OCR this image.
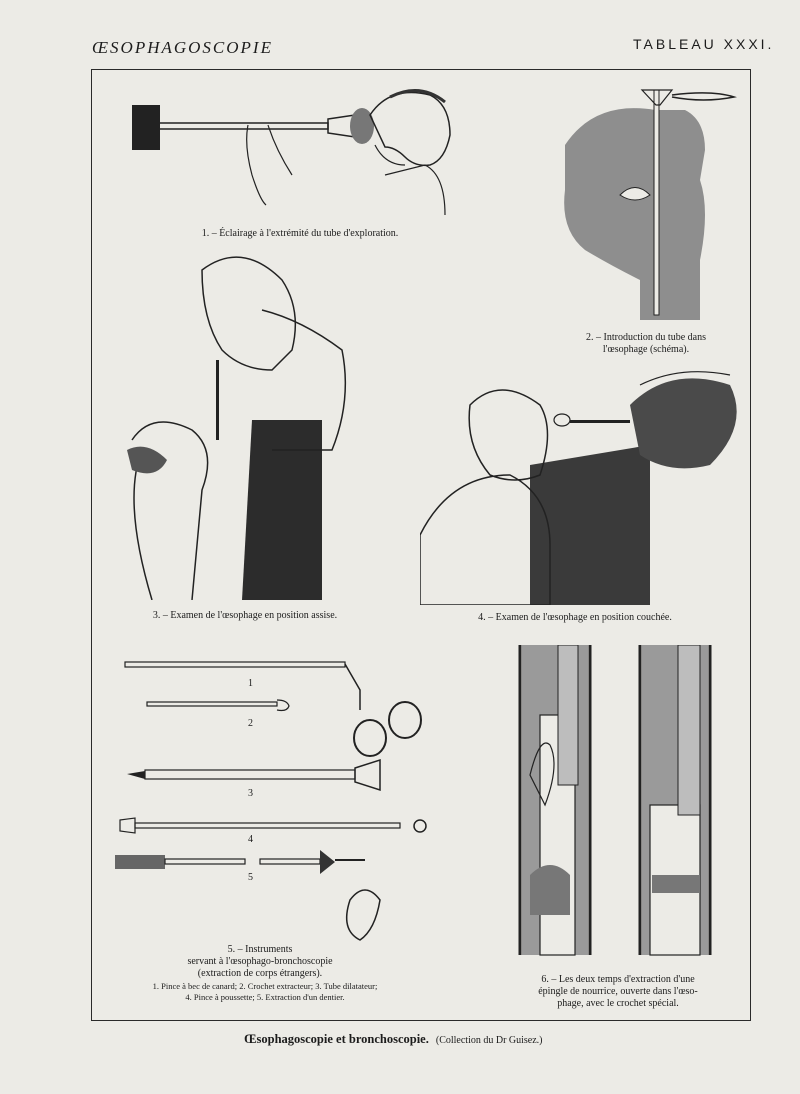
ŒSOPHAGOSCOPIE	TABLEAU XXXI.
1. – Éclairage à l'extrémité du tube d'exploration.
2. – Introduction du tube dans
l'œsophage (schéma).
3. – Examen de l'œsophage en position assise.	4. – Examen de l'œsophage en position couchée.
1
2
3
4
5
5. – Instruments
servant à l'œsophago-bronchoscopie
(extraction de corps étrangers).
1. Pince à bec de canard; 2. Crochet extracteur; 3. Tube dilatateur;
4. Pince à poussette; 5. Extraction d'un dentier.
6. – Les deux temps d'extraction d'une
épingle de nourrice, ouverte dans l'œso-
phage, avec le crochet spécial.
Œsophagoscopie et bronchoscopie. (Collection du Dr Guisez.)
